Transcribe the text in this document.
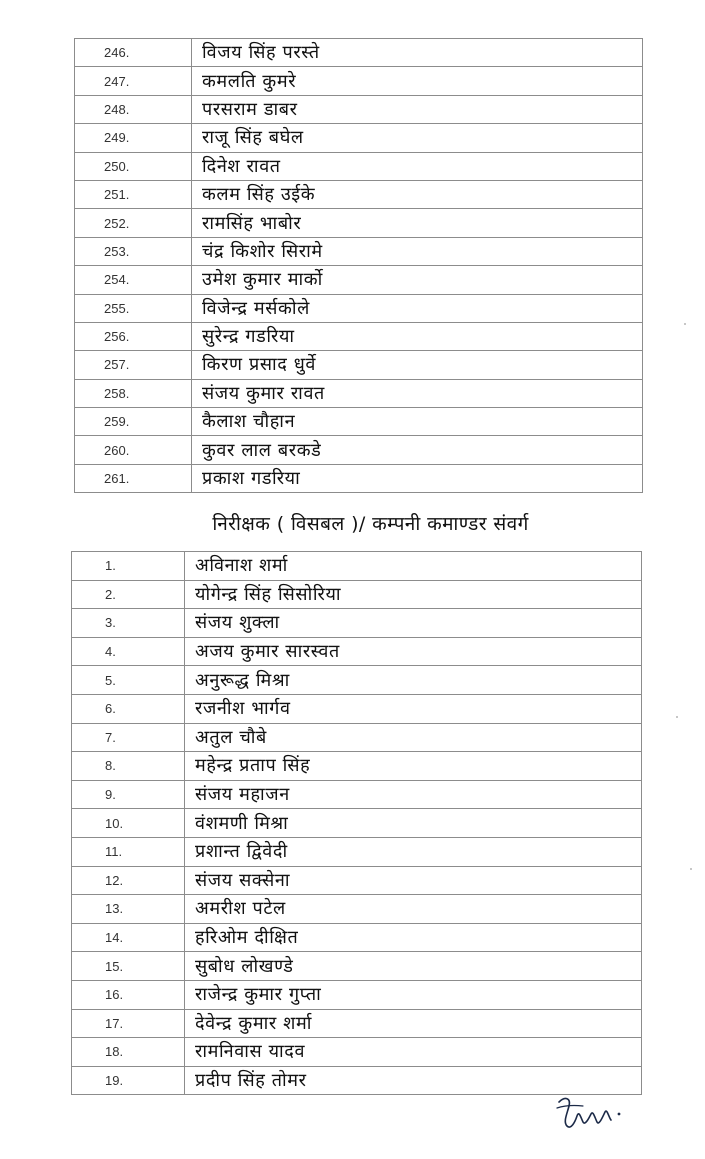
246.	विजय सिंह परस्ते
247.	कमलति कुमरे
248.	परसराम डाबर
249.	राजू सिंह बघेल
250.	दिनेश रावत
251.	कलम सिंह उईके
252.	रामसिंह भाबोर
253.	चंद्र किशोर सिरामे
254.	उमेश कुमार मार्को
255.	विजेन्द्र मर्सकोले
256.	सुरेन्द्र गडरिया
257.	किरण प्रसाद धुर्वे
258.	संजय कुमार रावत
259.	कैलाश चौहान
260.	कुवर लाल बरकडे
261.	प्रकाश गडरिया
निरीक्षक ( विसबल )/ कम्पनी कमाण्डर संवर्ग
1.	अविनाश शर्मा
2.	योगेन्द्र सिंह सिसोरिया
3.	संजय शुक्ला
4.	अजय कुमार सारस्वत
5.	अनुरूद्ध मिश्रा
6.	रजनीश भार्गव
7.	अतुल चौबे
8.	महेन्द्र प्रताप सिंह
9.	संजय महाजन
10.	वंशमणी मिश्रा
11.	प्रशान्त द्विवेदी
12.	संजय सक्सेना
13.	अमरीश पटेल
14.	हरिओम दीक्षित
15.	सुबोध लोखण्डे
16.	राजेन्द्र कुमार गुप्ता
17.	देवेन्द्र कुमार शर्मा
18.	रामनिवास यादव
19.	प्रदीप सिंह तोमर
